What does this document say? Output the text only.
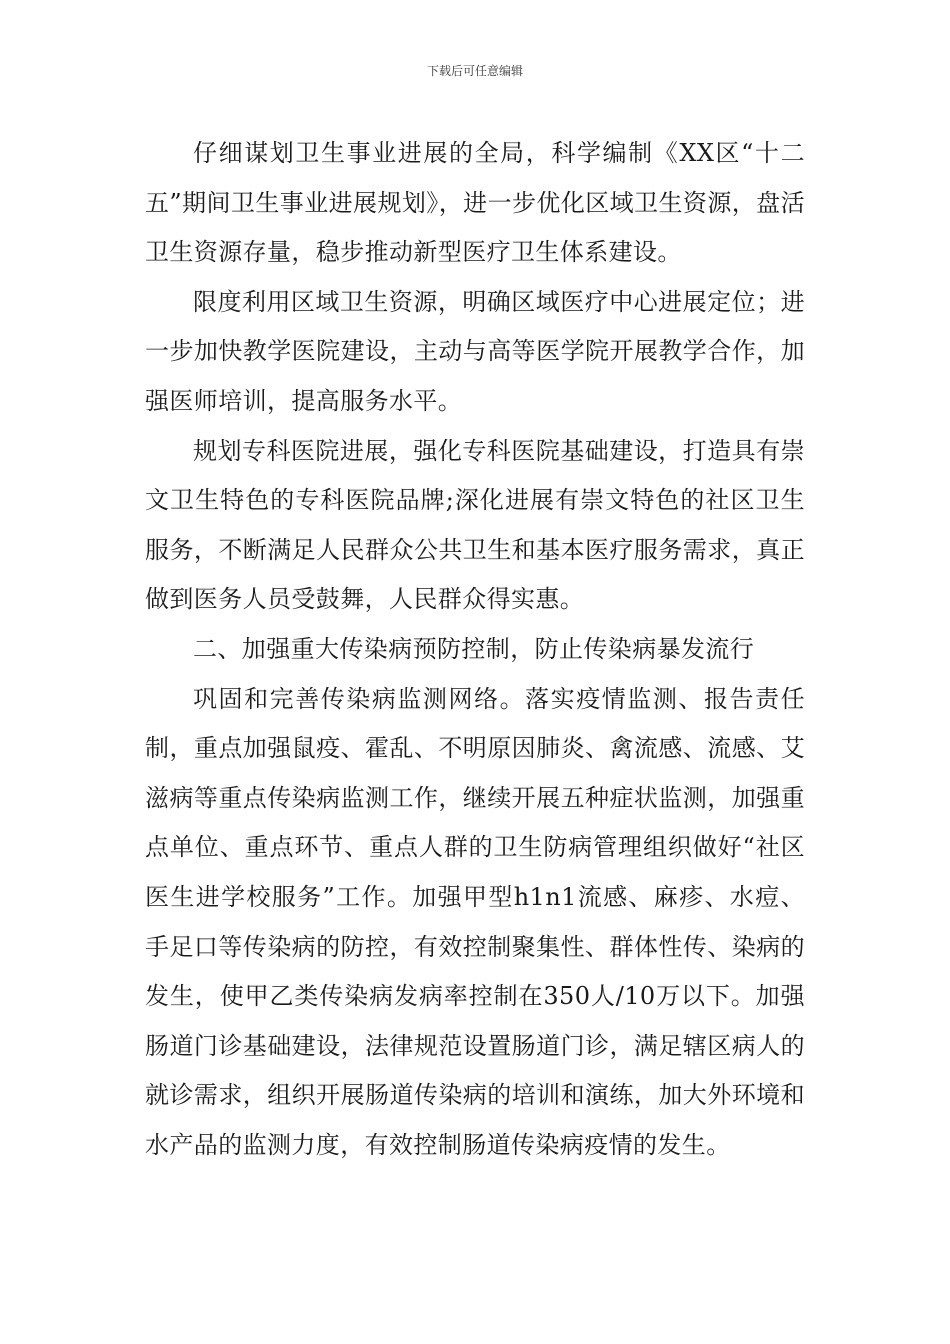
下载后可任意编辑

仔细谋划卫生事业进展的全局，科学编制《XX区“十二五”期间卫生事业进展规划》，进一步优化区域卫生资源，盘活卫生资源存量，稳步推动新型医疗卫生体系建设。

限度利用区域卫生资源，明确区域医疗中心进展定位；进一步加快教学医院建设，主动与高等医学院开展教学合作，加强医师培训，提高服务水平。

规划专科医院进展，强化专科医院基础建设，打造具有崇文卫生特色的专科医院品牌;深化进展有崇文特色的社区卫生服务，不断满足人民群众公共卫生和基本医疗服务需求，真正做到医务人员受鼓舞，人民群众得实惠。

二、加强重大传染病预防控制，防止传染病暴发流行

巩固和完善传染病监测网络。落实疫情监测、报告责任制，重点加强鼠疫、霍乱、不明原因肺炎、禽流感、流感、艾滋病等重点传染病监测工作，继续开展五种症状监测，加强重点单位、重点环节、重点人群的卫生防病管理组织做好“社区医生进学校服务”工作。加强甲型h1n1流感、麻疹、水痘、手足口等传染病的防控，有效控制聚集性、群体性传、染病的发生，使甲乙类传染病发病率控制在350人/10万以下。加强肠道门诊基础建设，法律规范设置肠道门诊，满足辖区病人的就诊需求，组织开展肠道传染病的培训和演练，加大外环境和水产品的监测力度，有效控制肠道传染病疫情的发生。
